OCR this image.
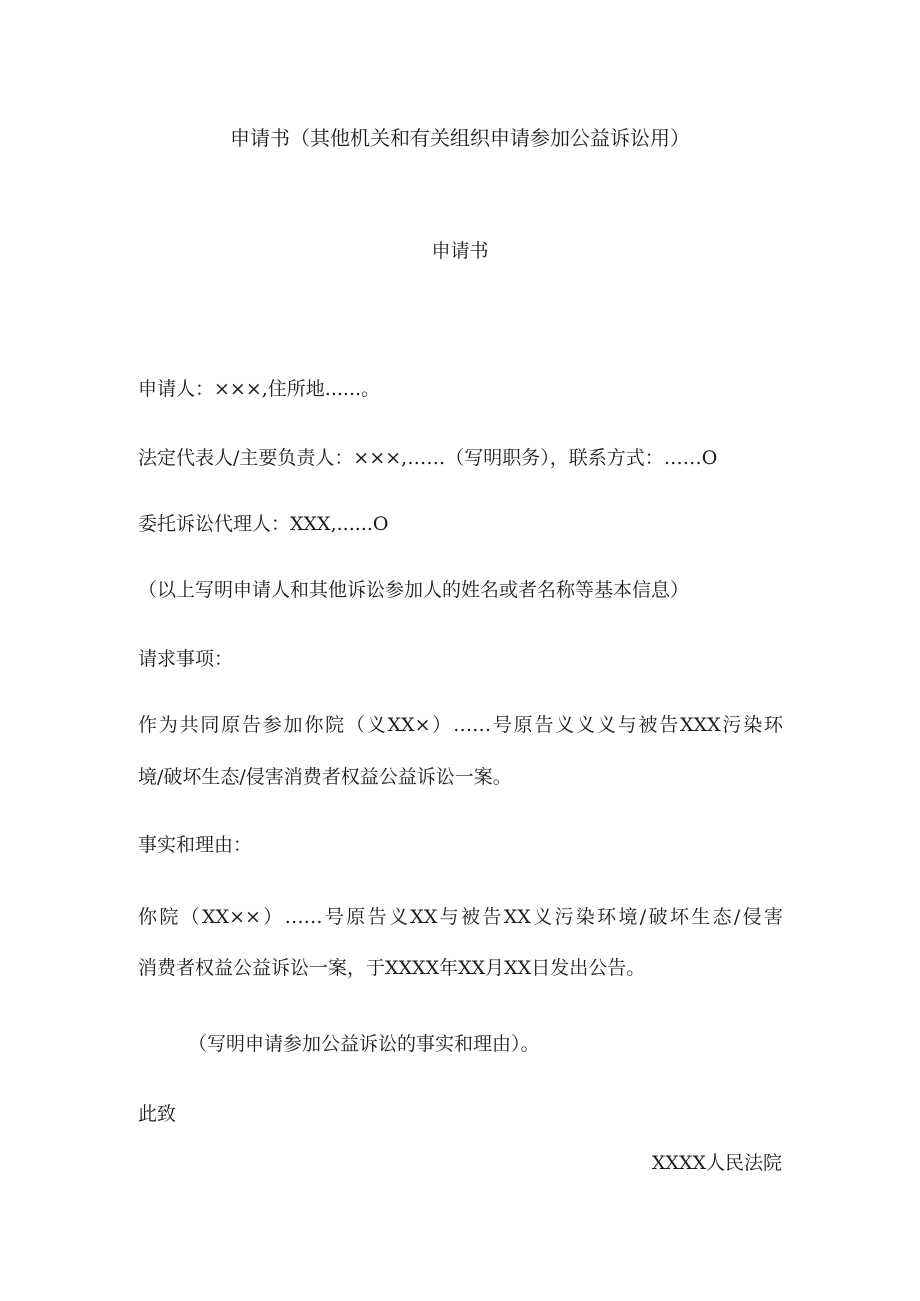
申请书（其他机关和有关组织申请参加公益诉讼用）
申请书
申请人：×××,住所地......。
法定代表人/主要负责人：×××,……（写明职务），联系方式：……O
委托诉讼代理人：XXX,......O
（以上写明申请人和其他诉讼参加人的姓名或者名称等基本信息）
请求事项：
作为共同原告参加你院（义XX×）……号原告义义义与被告XXX污染环
境/破坏生态/侵害消费者权益公益诉讼一案。
事实和理由：
你院（XX××）……号原告义XX与被告XX义污染环境/破坏生态/侵害
消费者权益公益诉讼一案，于XXXX年XX月XX日发出公告。
（写明申请参加公益诉讼的事实和理由）。
此致
XXXX人民法院
